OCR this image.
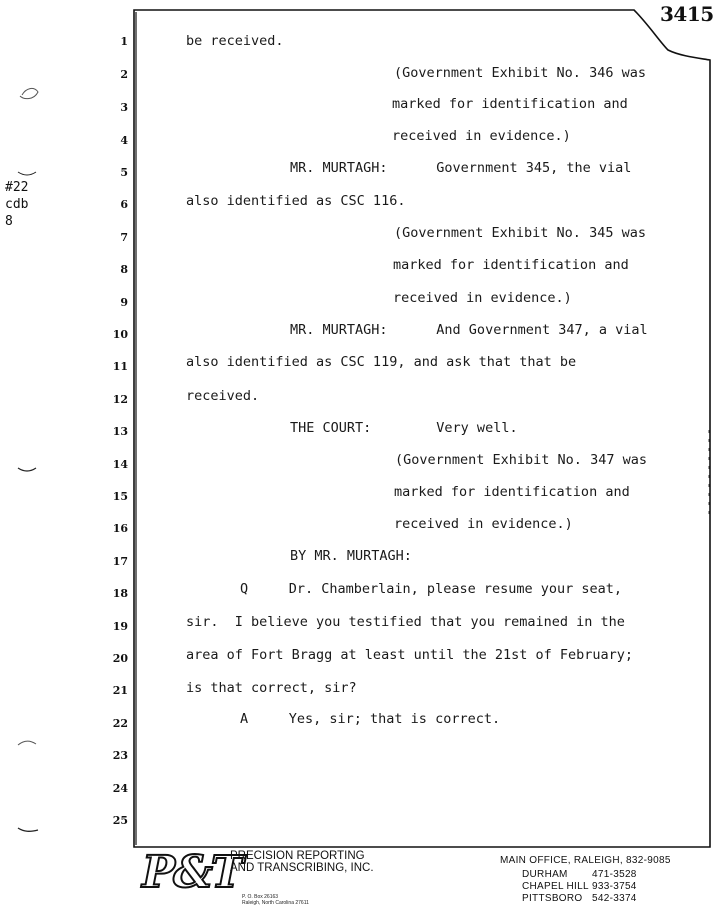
3415
#22
cdb
8
1
2
3
4
5
6
7
8
9
10
11
12
13
14
15
16
17
18
19
20
21
22
23
24
25
be received.
(Government Exhibit No. 346 was
marked for identification and
received in evidence.)
MR. MURTAGH:      Government 345, the vial
also identified as CSC 116.
(Government Exhibit No. 345 was
marked for identification and
received in evidence.)
MR. MURTAGH:      And Government 347, a vial
also identified as CSC 119, and ask that that be
received.
THE COURT:        Very well.
(Government Exhibit No. 347 was
marked for identification and
received in evidence.)
BY MR. MURTAGH:
Q     Dr. Chamberlain, please resume your seat,
sir.  I believe you testified that you remained in the
area of Fort Bragg at least until the 21st of February;
is that correct, sir?
A     Yes, sir; that is correct.
P&T
PRECISION REPORTING
AND TRANSCRIBING, INC.
P. O. Box 26163
Raleigh, North Carolina 27611
MAIN OFFICE, RALEIGH, 832-9085
DURHAM 471-3528
CHAPEL HILL 933-3754
PITTSBORO 542-3374
